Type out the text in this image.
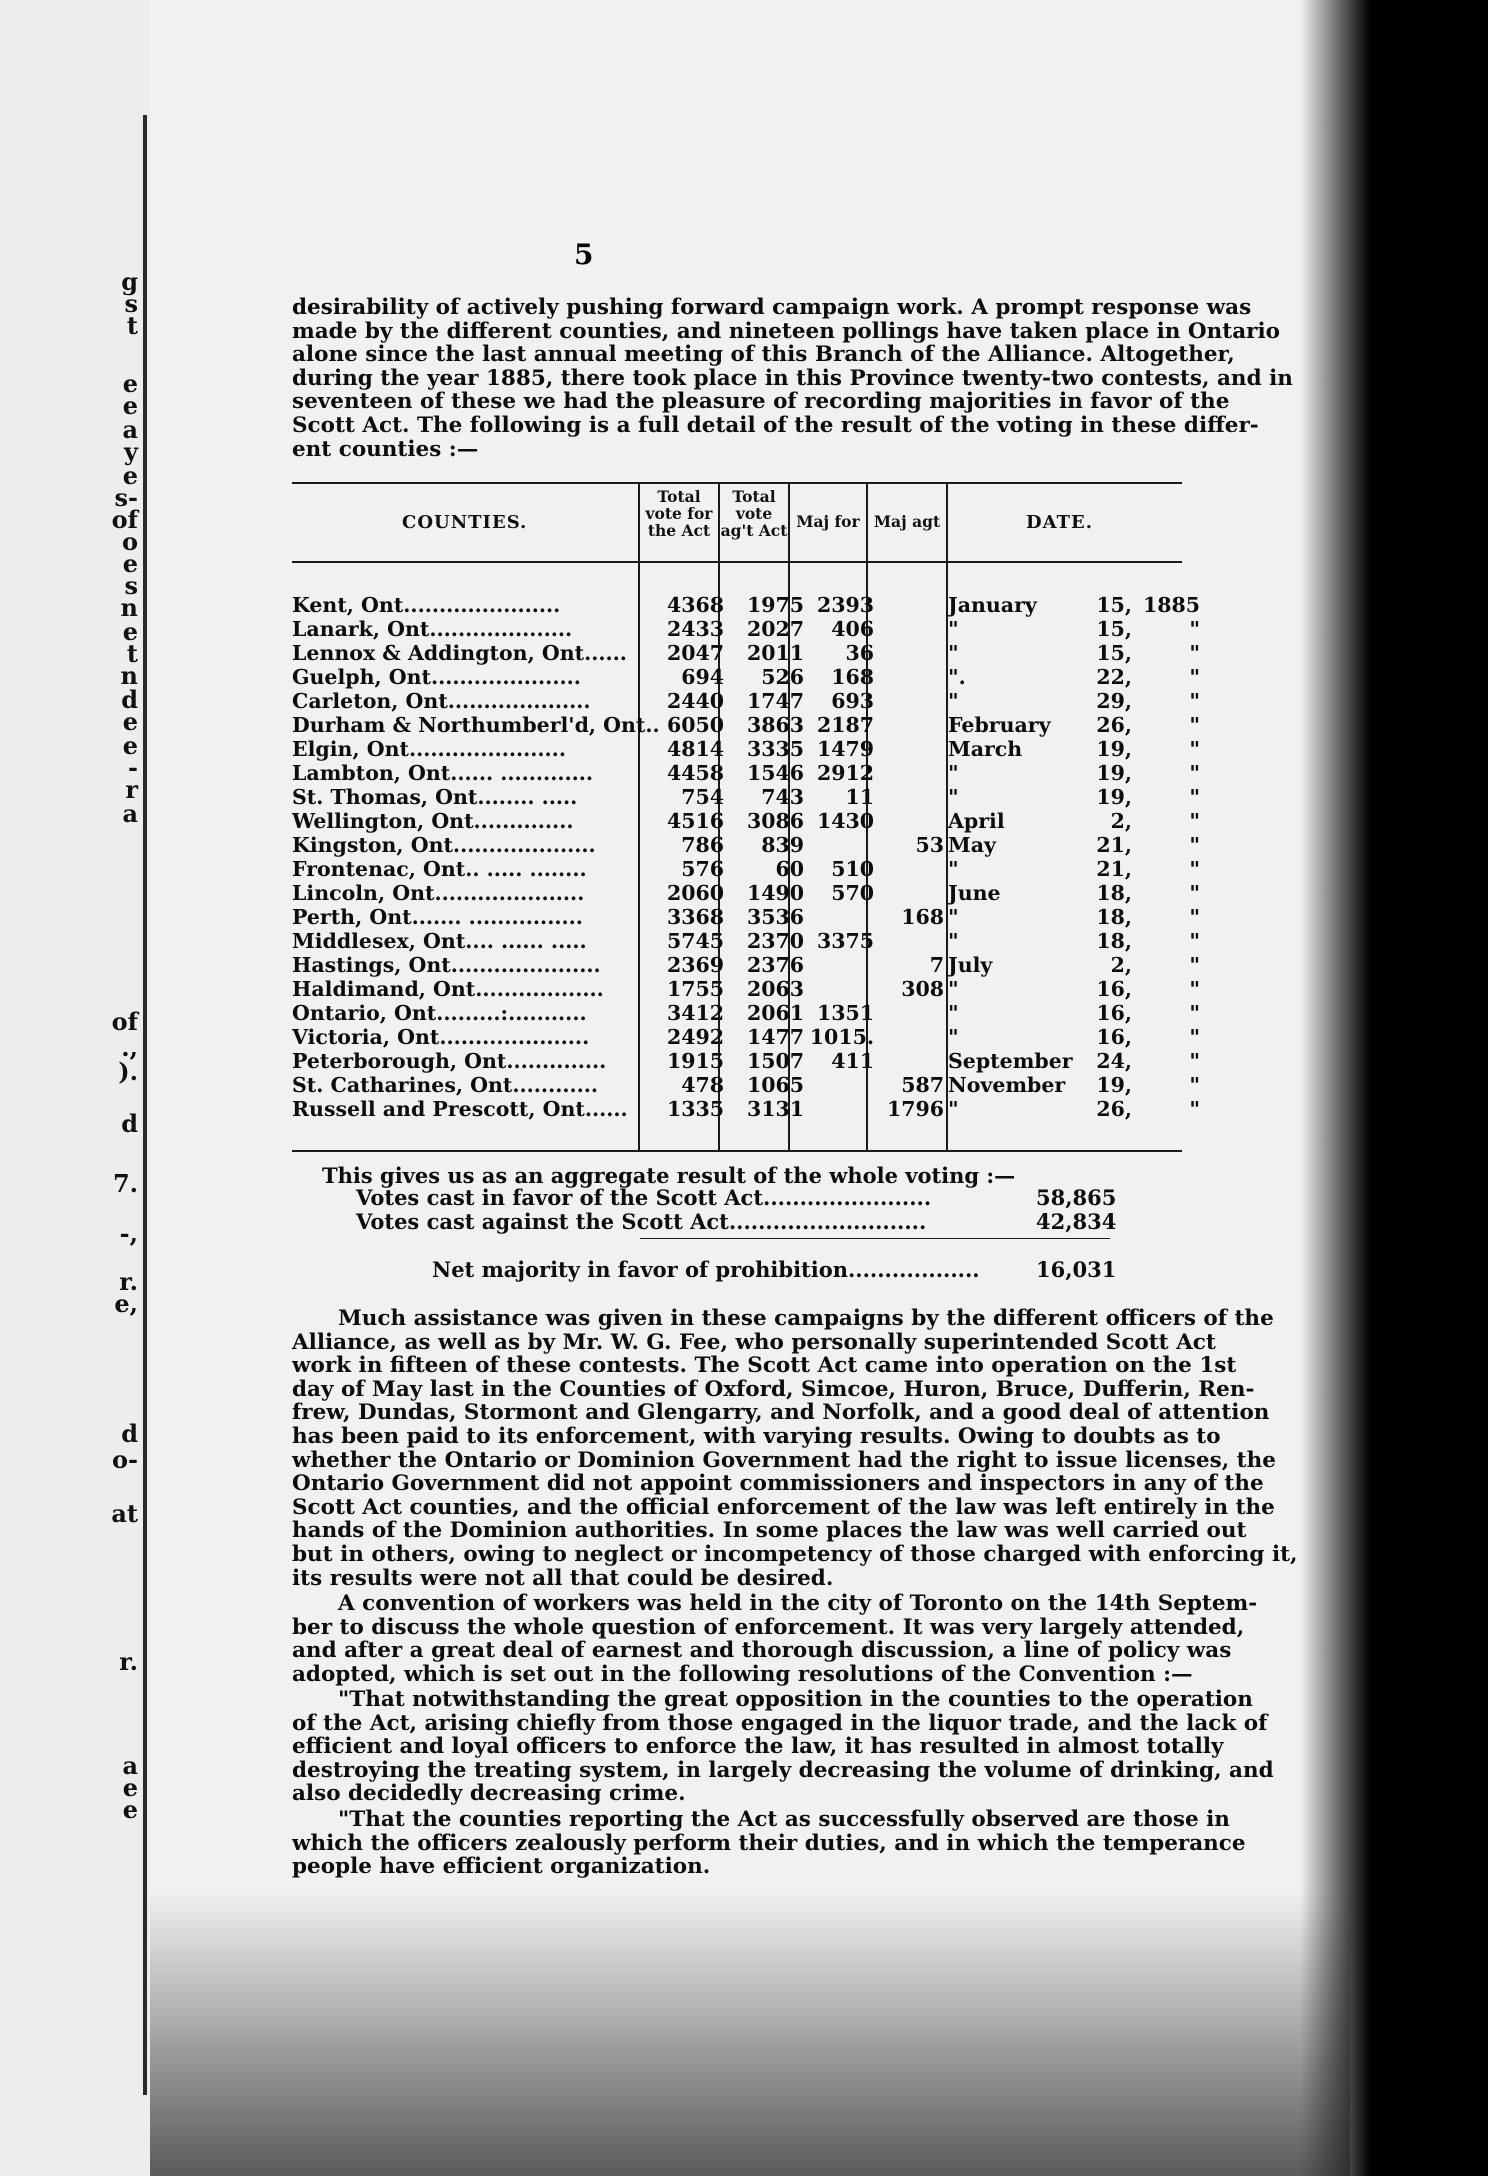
g
s
t
e
e
a
y
e
s-
of
o
e
s
n
e
t
n
d
e
e
-
r
a
of
.,
).
d
7.
-,
r.
e,
d
o-
at
r.
a
e
e
5
desirability of actively pushing forward campaign work. A prompt response was
made by the different counties, and nineteen pollings have taken place in Ontario
alone since the last annual meeting of this Branch of the Alliance. Altogether,
during the year 1885, there took place in this Province twenty-two contests, and in
seventeen of these we had the pleasure of recording majorities in favor of the
Scott Act. The following is a full detail of the result of the voting in these differ-
ent counties :—
COUNTIES.
Total
vote for
the Act
Total
vote
ag't Act Maj for Maj agt	DATE.
Kent, Ont......................	4368	1975 2393	January	15, 1885
Lanark, Ont....................	2433	2027	406	"	15,	"
Lennox & Addington, Ont......	2047	2011	36	"	15,	"
Guelph, Ont.....................	694	526	168	".	22,	"
Carleton, Ont....................	2440	1747	693	"	29,	"
Durham & Northumberl'd, Ont.. 6050	3863 2187	February	26,	"
Elgin, Ont......................	4814	3335 1479	March	19,	"
Lambton, Ont...... .............	4458	1546 2912	"	19,	"
St. Thomas, Ont........ .....	754	743	11	"	19,	"
Wellington, Ont..............	4516	3086 1430	April	2,	"
Kingston, Ont....................	786	839	53 May	21,	"
Frontenac, Ont.. ..... ........	576	60	510	"	21,	"
Lincoln, Ont.....................	2060	1490	570	June	18,	"
Perth, Ont....... ................	3368	3536	168 "	18,	"
Middlesex, Ont.... ...... .....	5745	2370 3375	"	18,	"
Hastings, Ont.....................	2369	2376	7 July	2,	"
Haldimand, Ont..................	1755	2063	308 "	16,	"
Ontario, Ont.........:...........	3412	2061 1351	"	16,	"
Victoria, Ont.....................	2492	1477 1015.	"	16,	"
Peterborough, Ont..............	1915	1507	411	September	24,	"
St. Catharines, Ont............	478	1065	587 November	19,	"
Russell and Prescott, Ont......	1335	3131	1796 "	26,	"
This gives us as an aggregate result of the whole voting :—
Votes cast in favor of the Scott Act.......................	58,865
Votes cast against the Scott Act...........................	42,834
Net majority in favor of prohibition..................	16,031
Much assistance was given in these campaigns by the different officers of the
Alliance, as well as by Mr. W. G. Fee, who personally superintended Scott Act
work in fifteen of these contests. The Scott Act came into operation on the 1st
day of May last in the Counties of Oxford, Simcoe, Huron, Bruce, Dufferin, Ren-
frew, Dundas, Stormont and Glengarry, and Norfolk, and a good deal of attention
has been paid to its enforcement, with varying results. Owing to doubts as to
whether the Ontario or Dominion Government had the right to issue licenses, the
Ontario Government did not appoint commissioners and inspectors in any of the
Scott Act counties, and the official enforcement of the law was left entirely in the
hands of the Dominion authorities. In some places the law was well carried out
but in others, owing to neglect or incompetency of those charged with enforcing it,
its results were not all that could be desired.
A convention of workers was held in the city of Toronto on the 14th Septem-
ber to discuss the whole question of enforcement. It was very largely attended,
and after a great deal of earnest and thorough discussion, a line of policy was
adopted, which is set out in the following resolutions of the Convention :—
"That notwithstanding the great opposition in the counties to the operation
of the Act, arising chiefly from those engaged in the liquor trade, and the lack of
efficient and loyal officers to enforce the law, it has resulted in almost totally
destroying the treating system, in largely decreasing the volume of drinking, and
also decidedly decreasing crime.
"That the counties reporting the Act as successfully observed are those in
which the officers zealously perform their duties, and in which the temperance
people have efficient organization.
